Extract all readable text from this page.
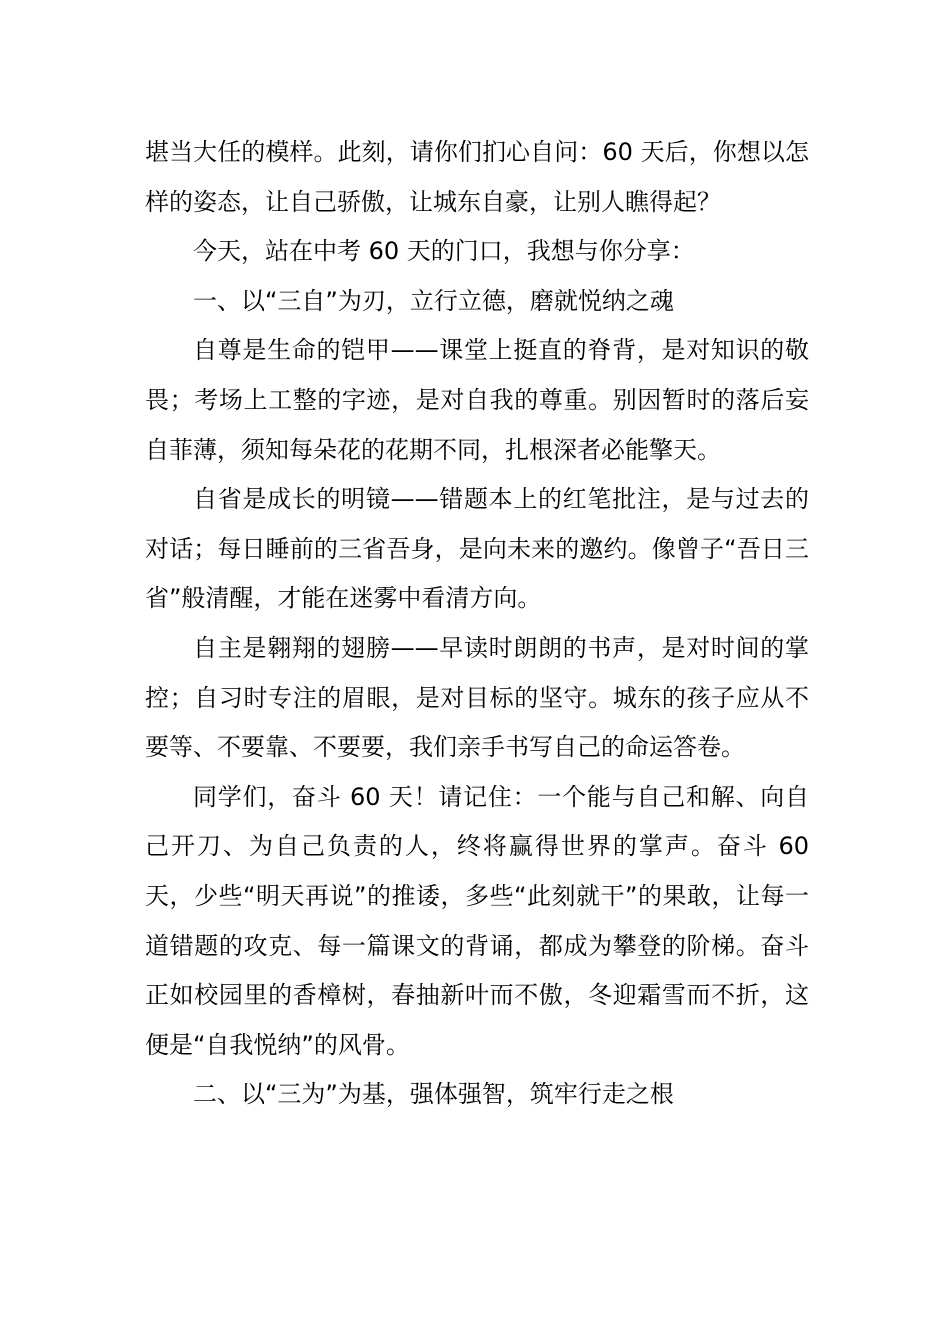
堪当大任的模样。此刻，请你们扪心自问：60 天后，你想以怎样的姿态，让自己骄傲，让城东自豪，让别人瞧得起？

今天，站在中考 60 天的门口，我想与你分享：

一、以“三自”为刃，立行立德，磨就悦纳之魂

自尊是生命的铠甲——课堂上挺直的脊背，是对知识的敬畏；考场上工整的字迹，是对自我的尊重。别因暂时的落后妄自菲薄，须知每朵花的花期不同，扎根深者必能擎天。

自省是成长的明镜——错题本上的红笔批注，是与过去的对话；每日睡前的三省吾身，是向未来的邀约。像曾子“吾日三省”般清醒，才能在迷雾中看清方向。

自主是翱翔的翅膀——早读时朗朗的书声，是对时间的掌控；自习时专注的眉眼，是对目标的坚守。城东的孩子应从不要等、不要靠、不要要，我们亲手书写自己的命运答卷。

同学们，奋斗 60 天！请记住：一个能与自己和解、向自己开刀、为自己负责的人，终将赢得世界的掌声。奋斗 60 天，少些“明天再说”的推诿，多些“此刻就干”的果敢，让每一道错题的攻克、每一篇课文的背诵，都成为攀登的阶梯。奋斗正如校园里的香樟树，春抽新叶而不傲，冬迎霜雪而不折，这便是“自我悦纳”的风骨。

二、以“三为”为基，强体强智，筑牢行走之根
